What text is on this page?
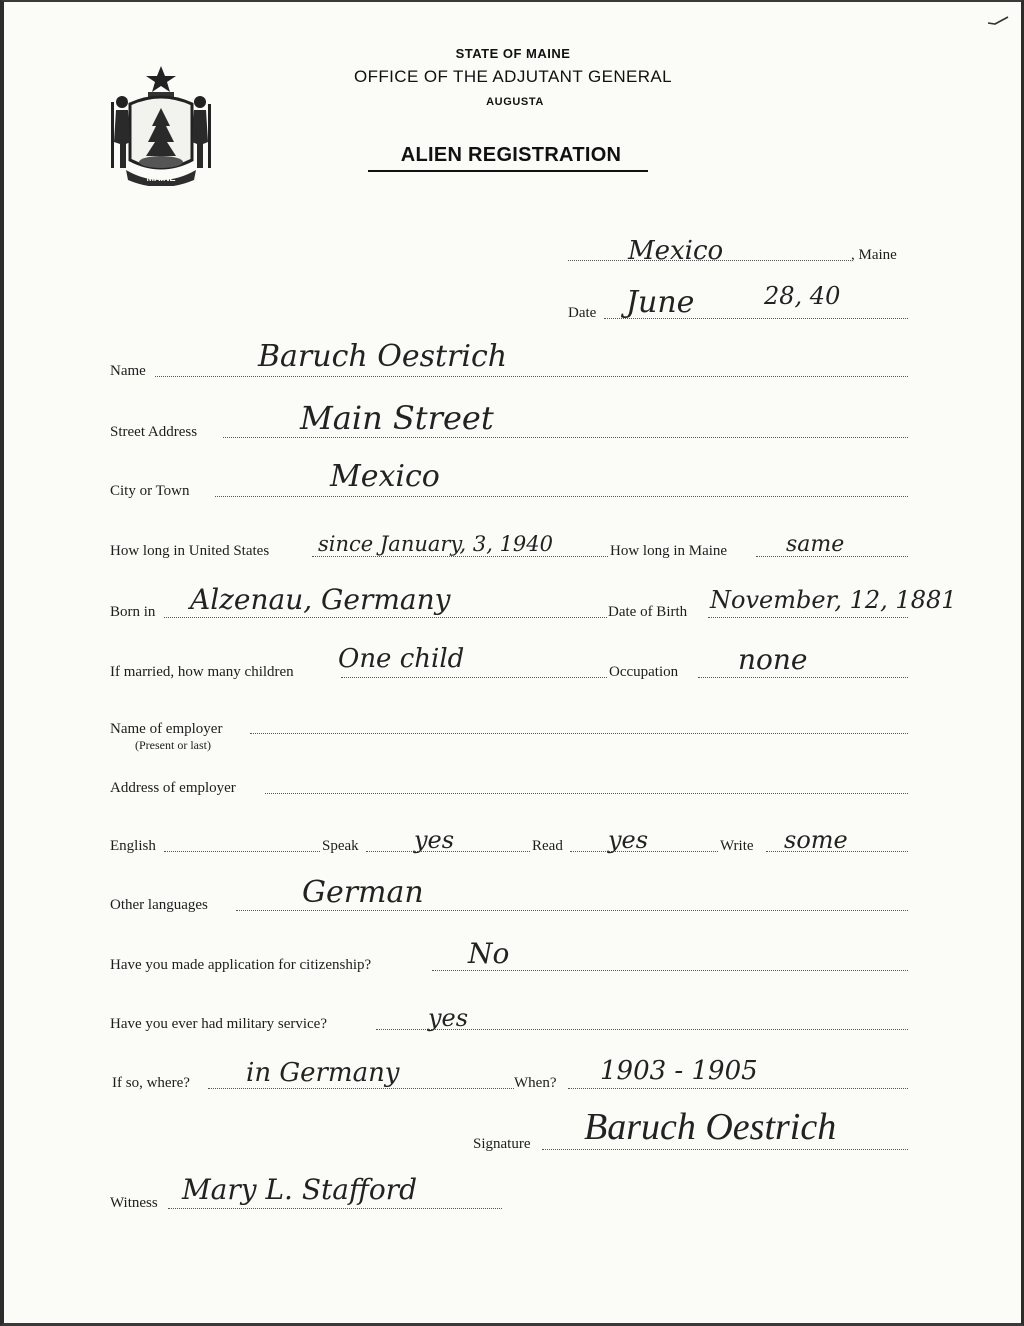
MAINE
STATE OF MAINE
OFFICE OF THE ADJUTANT GENERAL
AUGUSTA
ALIEN REGISTRATION
Mexico	, Maine
Date June	28, 40
Name	Baruch Oestrich
Street Address	Main Street
City or Town	Mexico
How long in United States since January, 3, 1940	How long in Maine	same
Born in Alzenau, Germany	Date of Birth November, 12, 1881
If married, how many children One child	Occupation none
Name of employer
(Present or last)
Address of employer
English	Speak yes	Read yes	Write some
Other languages	German
Have you made application for citizenship?	No
Have you ever had military service?	yes
If so, where? in Germany	When? 1903 - 1905
Signature Baruch Oestrich
Witness Mary L. Stafford
